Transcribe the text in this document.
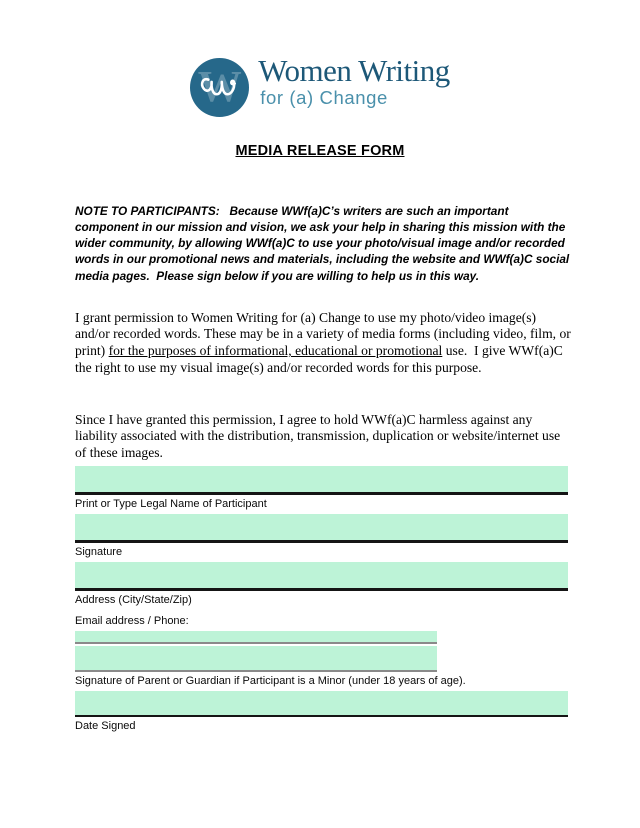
W Women Writing
for (a) Change
MEDIA RELEASE FORM

NOTE TO PARTICIPANTS:   Because WWf(a)C’s writers are such an important component in our mission and vision, we ask your help in sharing this mission with the wider community, by allowing WWf(a)C to use your photo/visual image and/or recorded words in our promotional news and materials, including the website and WWf(a)C social media pages.  Please sign below if you are willing to help us in this way.

I grant permission to Women Writing for (a) Change to use my photo/video image(s) and/or recorded words. These may be in a variety of media forms (including video, film, or print) for the purposes of informational, educational or promotional use.  I give WWf(a)C the right to use my visual image(s) and/or recorded words for this purpose.

Since I have granted this permission, I agree to hold WWf(a)C harmless against any liability associated with the distribution, transmission, duplication or website/internet use of these images.

Print or Type Legal Name of Participant
Signature
Address (City/State/Zip)
Email address / Phone:
Signature of Parent or Guardian if Participant is a Minor (under 18 years of age).
Date Signed
